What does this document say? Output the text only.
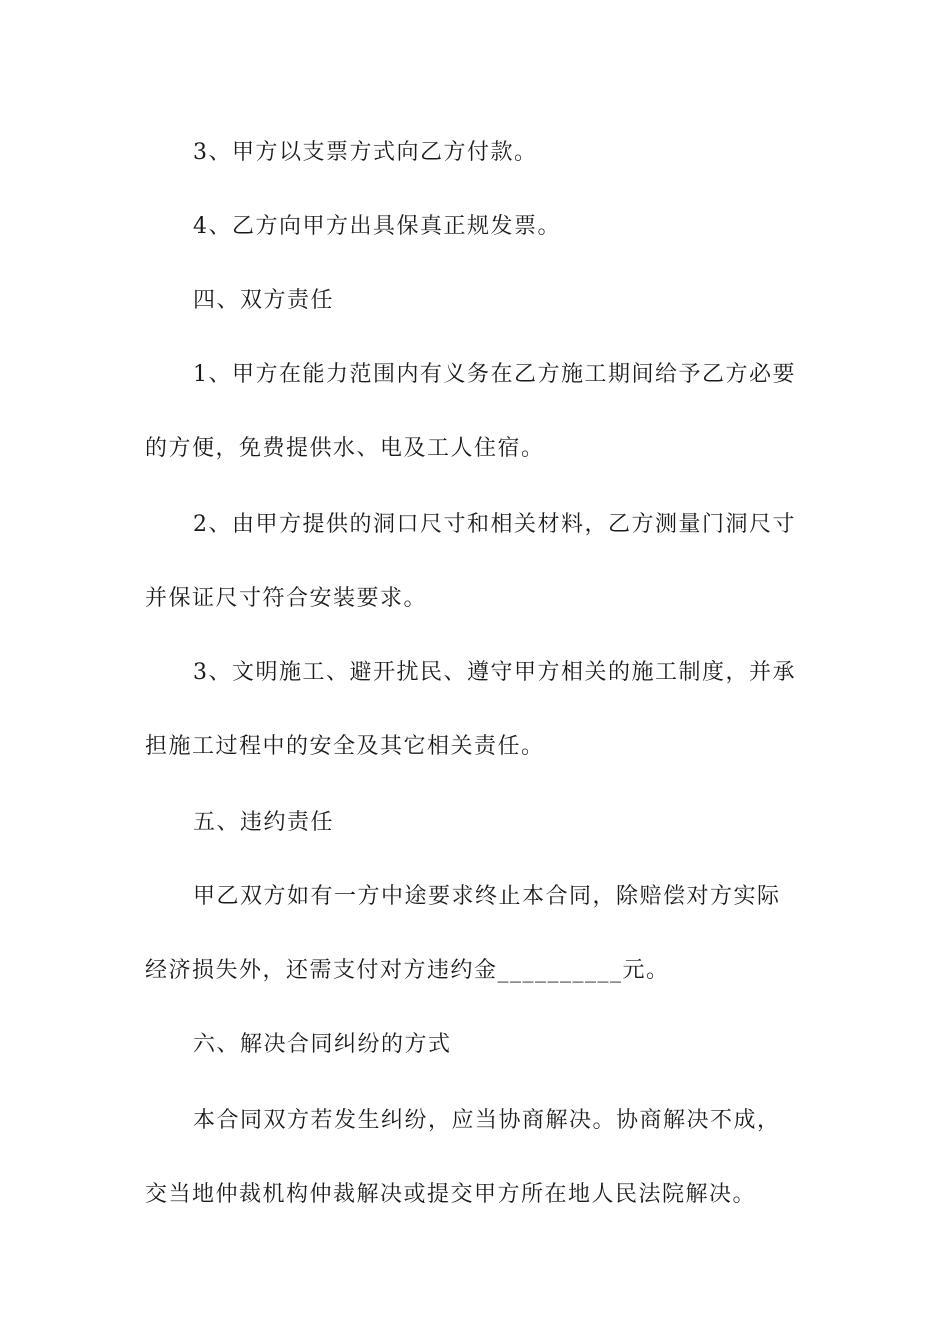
3、甲方以支票方式向乙方付款。
4、乙方向甲方出具保真正规发票。
四、双方责任
1、甲方在能力范围内有义务在乙方施工期间给予乙方必要
的方便，免费提供水、电及工人住宿。
2、由甲方提供的洞口尺寸和相关材料，乙方测量门洞尺寸
并保证尺寸符合安装要求。
3、文明施工、避开扰民、遵守甲方相关的施工制度，并承
担施工过程中的安全及其它相关责任。
五、违约责任
甲乙双方如有一方中途要求终止本合同，除赔偿对方实际
经济损失外，还需支付对方违约金__________元。
六、解决合同纠纷的方式
本合同双方若发生纠纷，应当协商解决。协商解决不成，
交当地仲裁机构仲裁解决或提交甲方所在地人民法院解决。
